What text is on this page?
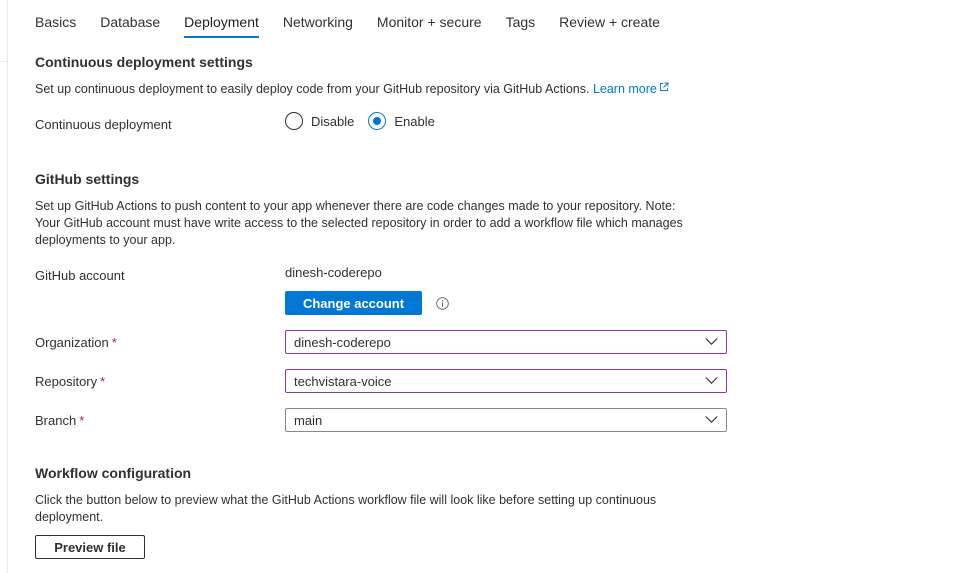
Basics Database Deployment Networking Monitor + secure Tags Review + create
Continuous deployment settings
Set up continuous deployment to easily deploy code from your GitHub repository via GitHub Actions. Learn more
Continuous deployment	Disable	Enable
GitHub settings
Set up GitHub Actions to push content to your app whenever there are code changes made to your repository. Note:
Your GitHub account must have write access to the selected repository in order to add a workflow file which manages
deployments to your app.
GitHub account	dinesh-coderepo
Change account
Organization *	dinesh-coderepo
Repository *	techvistara-voice
Branch *	main
Workflow configuration
Click the button below to preview what the GitHub Actions workflow file will look like before setting up continuous
deployment.
Preview file
